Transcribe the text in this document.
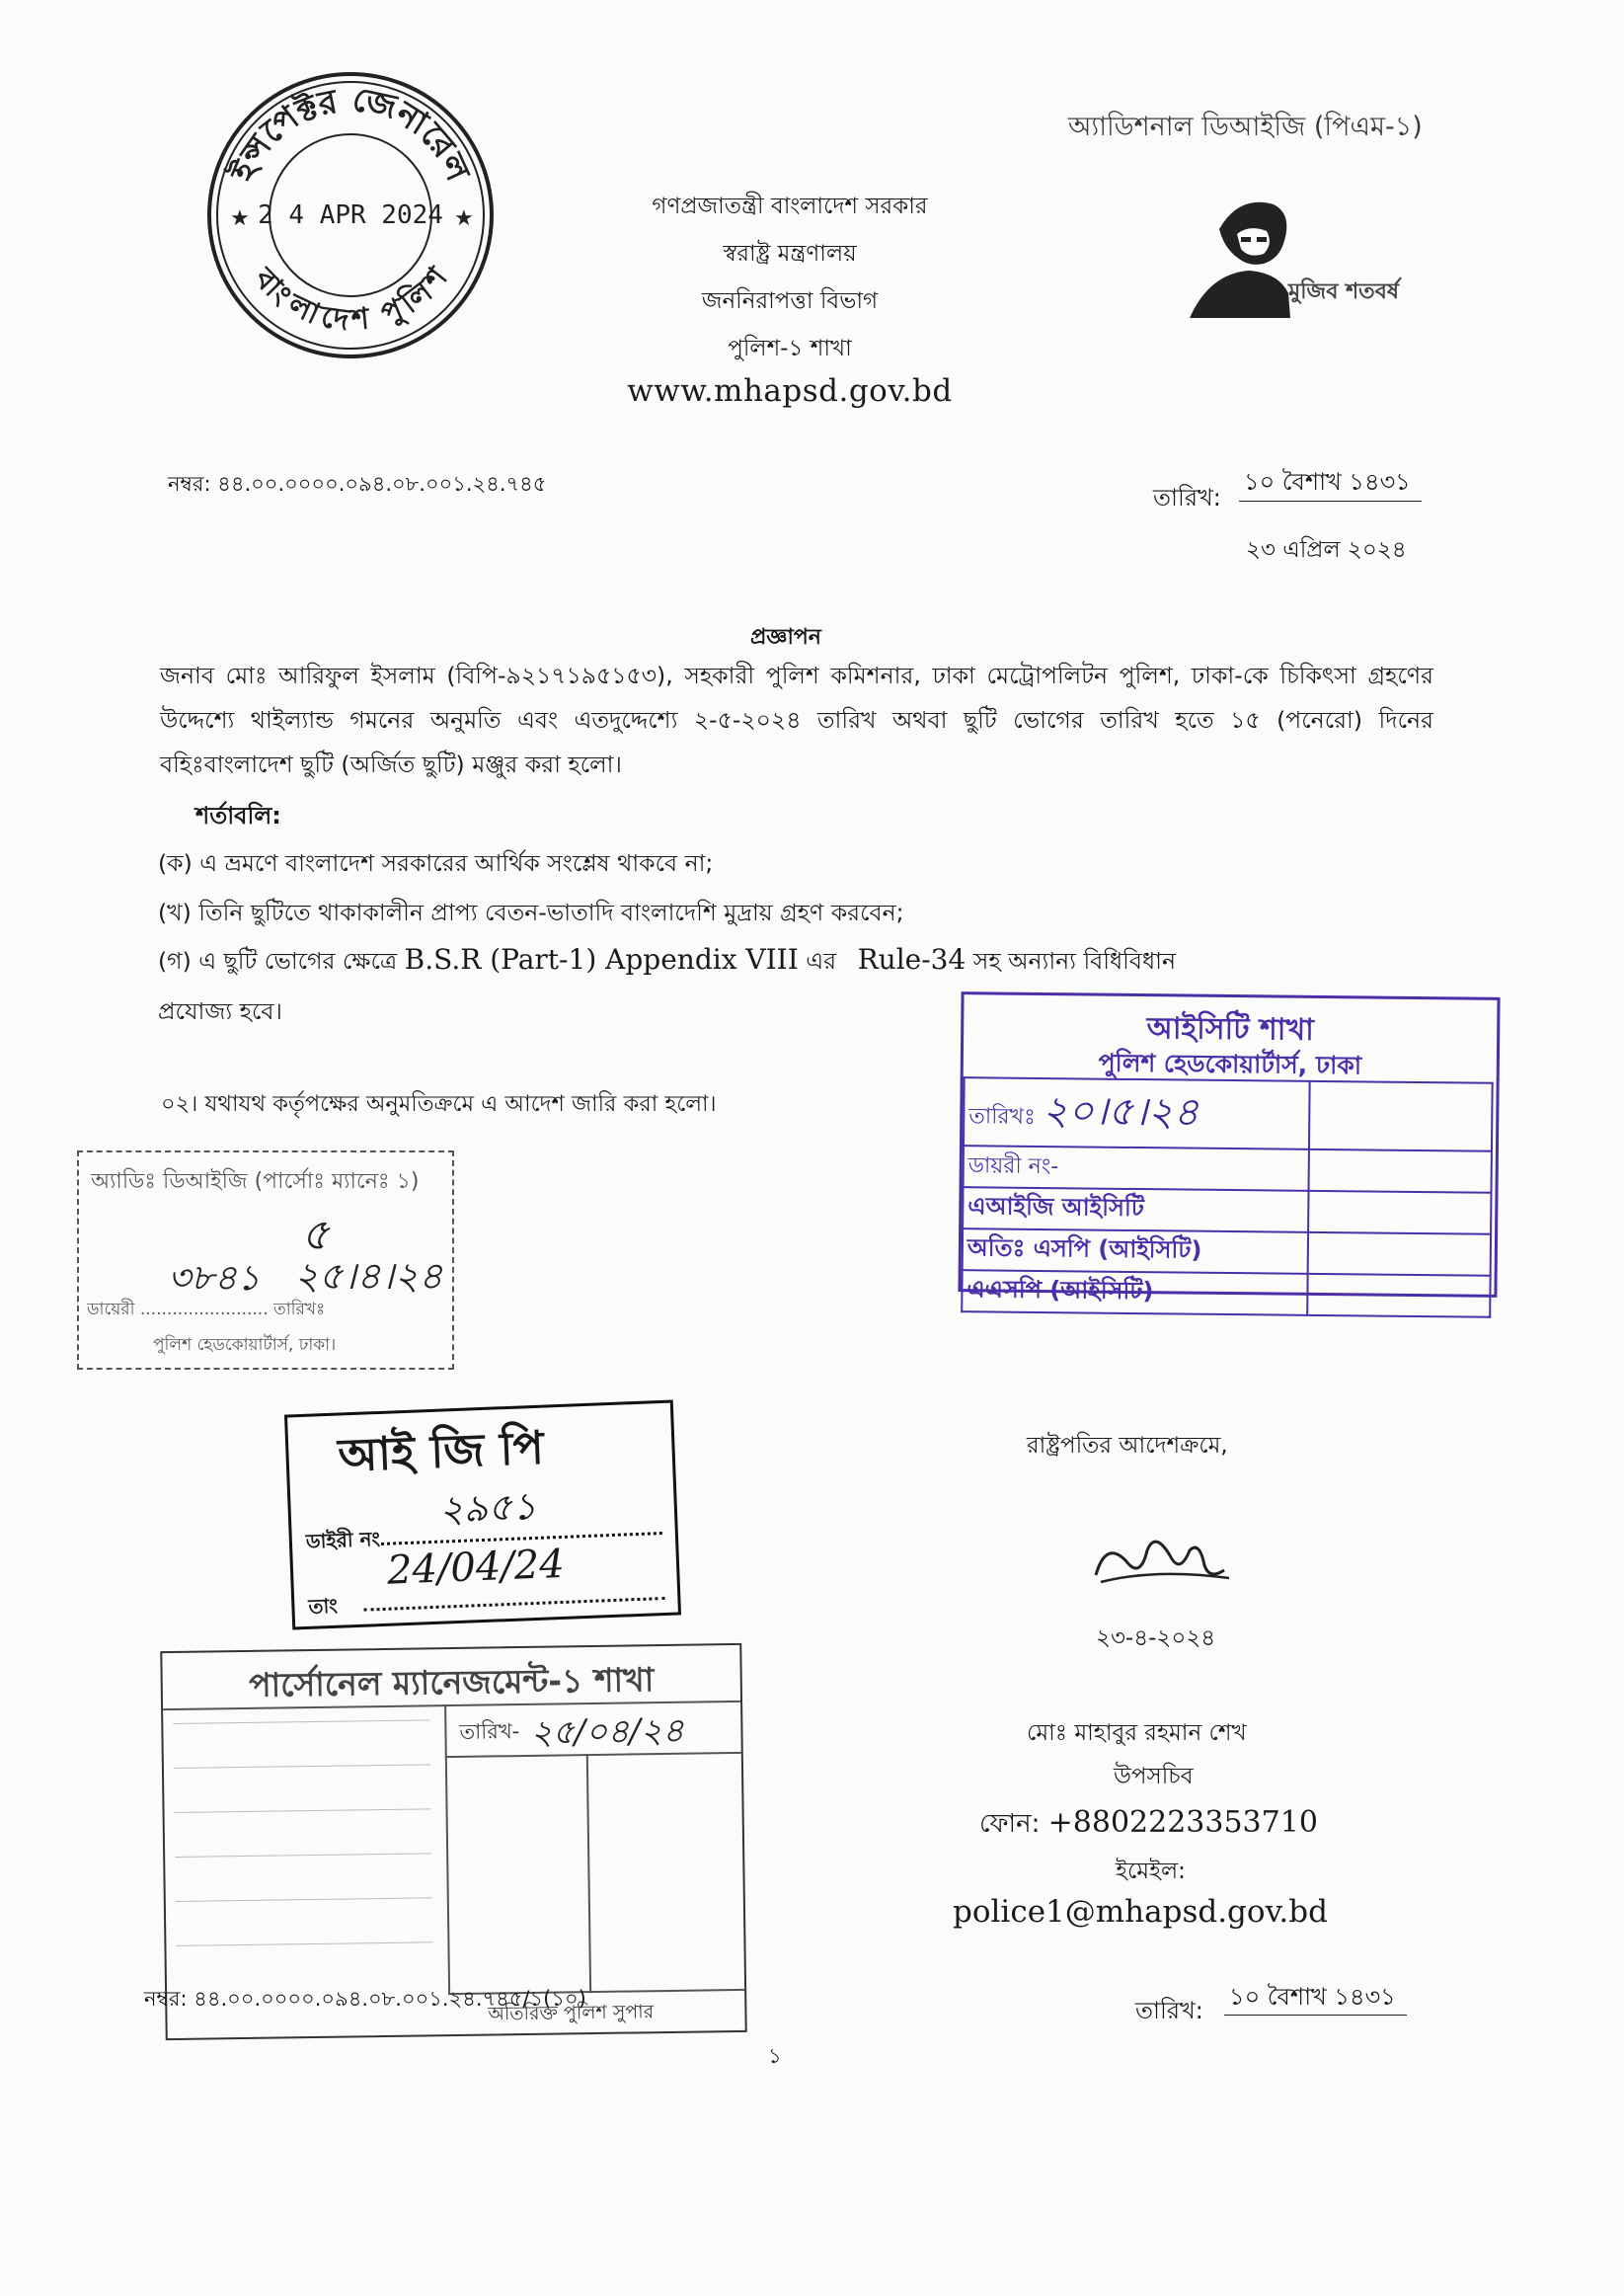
ইন্সপেক্টর জেনারেল
বাংলাদেশ পুলিশ
★	★
2 4 APR 2024
অ্যাডিশনাল ডিআইজি (পিএম-১)
মুজিব শতবর্ষ
গণপ্রজাতন্ত্রী বাংলাদেশ সরকার
স্বরাষ্ট্র মন্ত্রণালয়
জননিরাপত্তা বিভাগ
পুলিশ-১ শাখা
www.mhapsd.gov.bd
নম্বর: ৪৪.০০.০০০০.০৯৪.০৮.০০১.২৪.৭৪৫	তারিখ:
১০ বৈশাখ ১৪৩১
২৩ এপ্রিল ২০২৪
প্রজ্ঞাপন
জনাব মোঃ আরিফুল ইসলাম (বিপি-৯২১৭১৯৫১৫৩), সহকারী পুলিশ কমিশনার, ঢাকা মেট্রোপলিটন পুলিশ, ঢাকা-কে চিকিৎসা গ্রহণের উদ্দেশ্যে থাইল্যান্ড গমনের অনুমতি এবং এতদুদ্দেশ্যে ২-৫-২০২৪ তারিখ অথবা ছুটি ভোগের তারিখ হতে ১৫ (পনেরো) দিনের বহিঃবাংলাদেশ ছুটি (অর্জিত ছুটি) মঞ্জুর করা হলো।
শর্তাবলি:
(ক) এ ভ্রমণে বাংলাদেশ সরকারের আর্থিক সংশ্লেষ থাকবে না;
(খ) তিনি ছুটিতে থাকাকালীন প্রাপ্য বেতন-ভাতাদি বাংলাদেশি মুদ্রায় গ্রহণ করবেন;
(গ) এ ছুটি ভোগের ক্ষেত্রে B.S.R (Part-1) Appendix VIII এর Rule-34 সহ অন্যান্য বিধিবিধান
প্রযোজ্য হবে।
০২। যথাযথ কর্তৃপক্ষের অনুমতিক্রমে এ আদেশ জারি করা হলো।
আইসিটি শাখা
পুলিশ হেডকোয়ার্টার্স, ঢাকা
তারিখঃ ২০।৫।২৪	
ডায়রী নং-	
এআইজি আইসিটি	
অতিঃ এসপি (আইসিটি)	
এএসপি (আইসিটি)	
অ্যাডিঃ ডিআইজি (পার্সোঃ ম্যানেঃ ১)
৫
৩৮৪১ ২৫।৪।২৪
ডায়েরী ........................ তারিখঃ
পুলিশ হেডকোয়ার্টার্স, ঢাকা।
আই জি পি
২৯৫১
ডাইরী নং
24/04/24
তাং
পার্সোনেল ম্যানেজমেন্ট-১ শাখা
তারিখ- ২৫/০৪/২৪
অতিরিক্ত পুলিশ সুপার
নম্বর: ৪৪.০০.০০০০.০৯৪.০৮.০০১.২৪.৭৪৫/১(১০)
রাষ্ট্রপতির আদেশক্রমে,
২৩-৪-২০২৪
মোঃ মাহাবুর রহমান শেখ
উপসচিব
ফোন: +8802223353710
ইমেইল:
police1@mhapsd.gov.bd
তারিখ: ১০ বৈশাখ ১৪৩১
১
